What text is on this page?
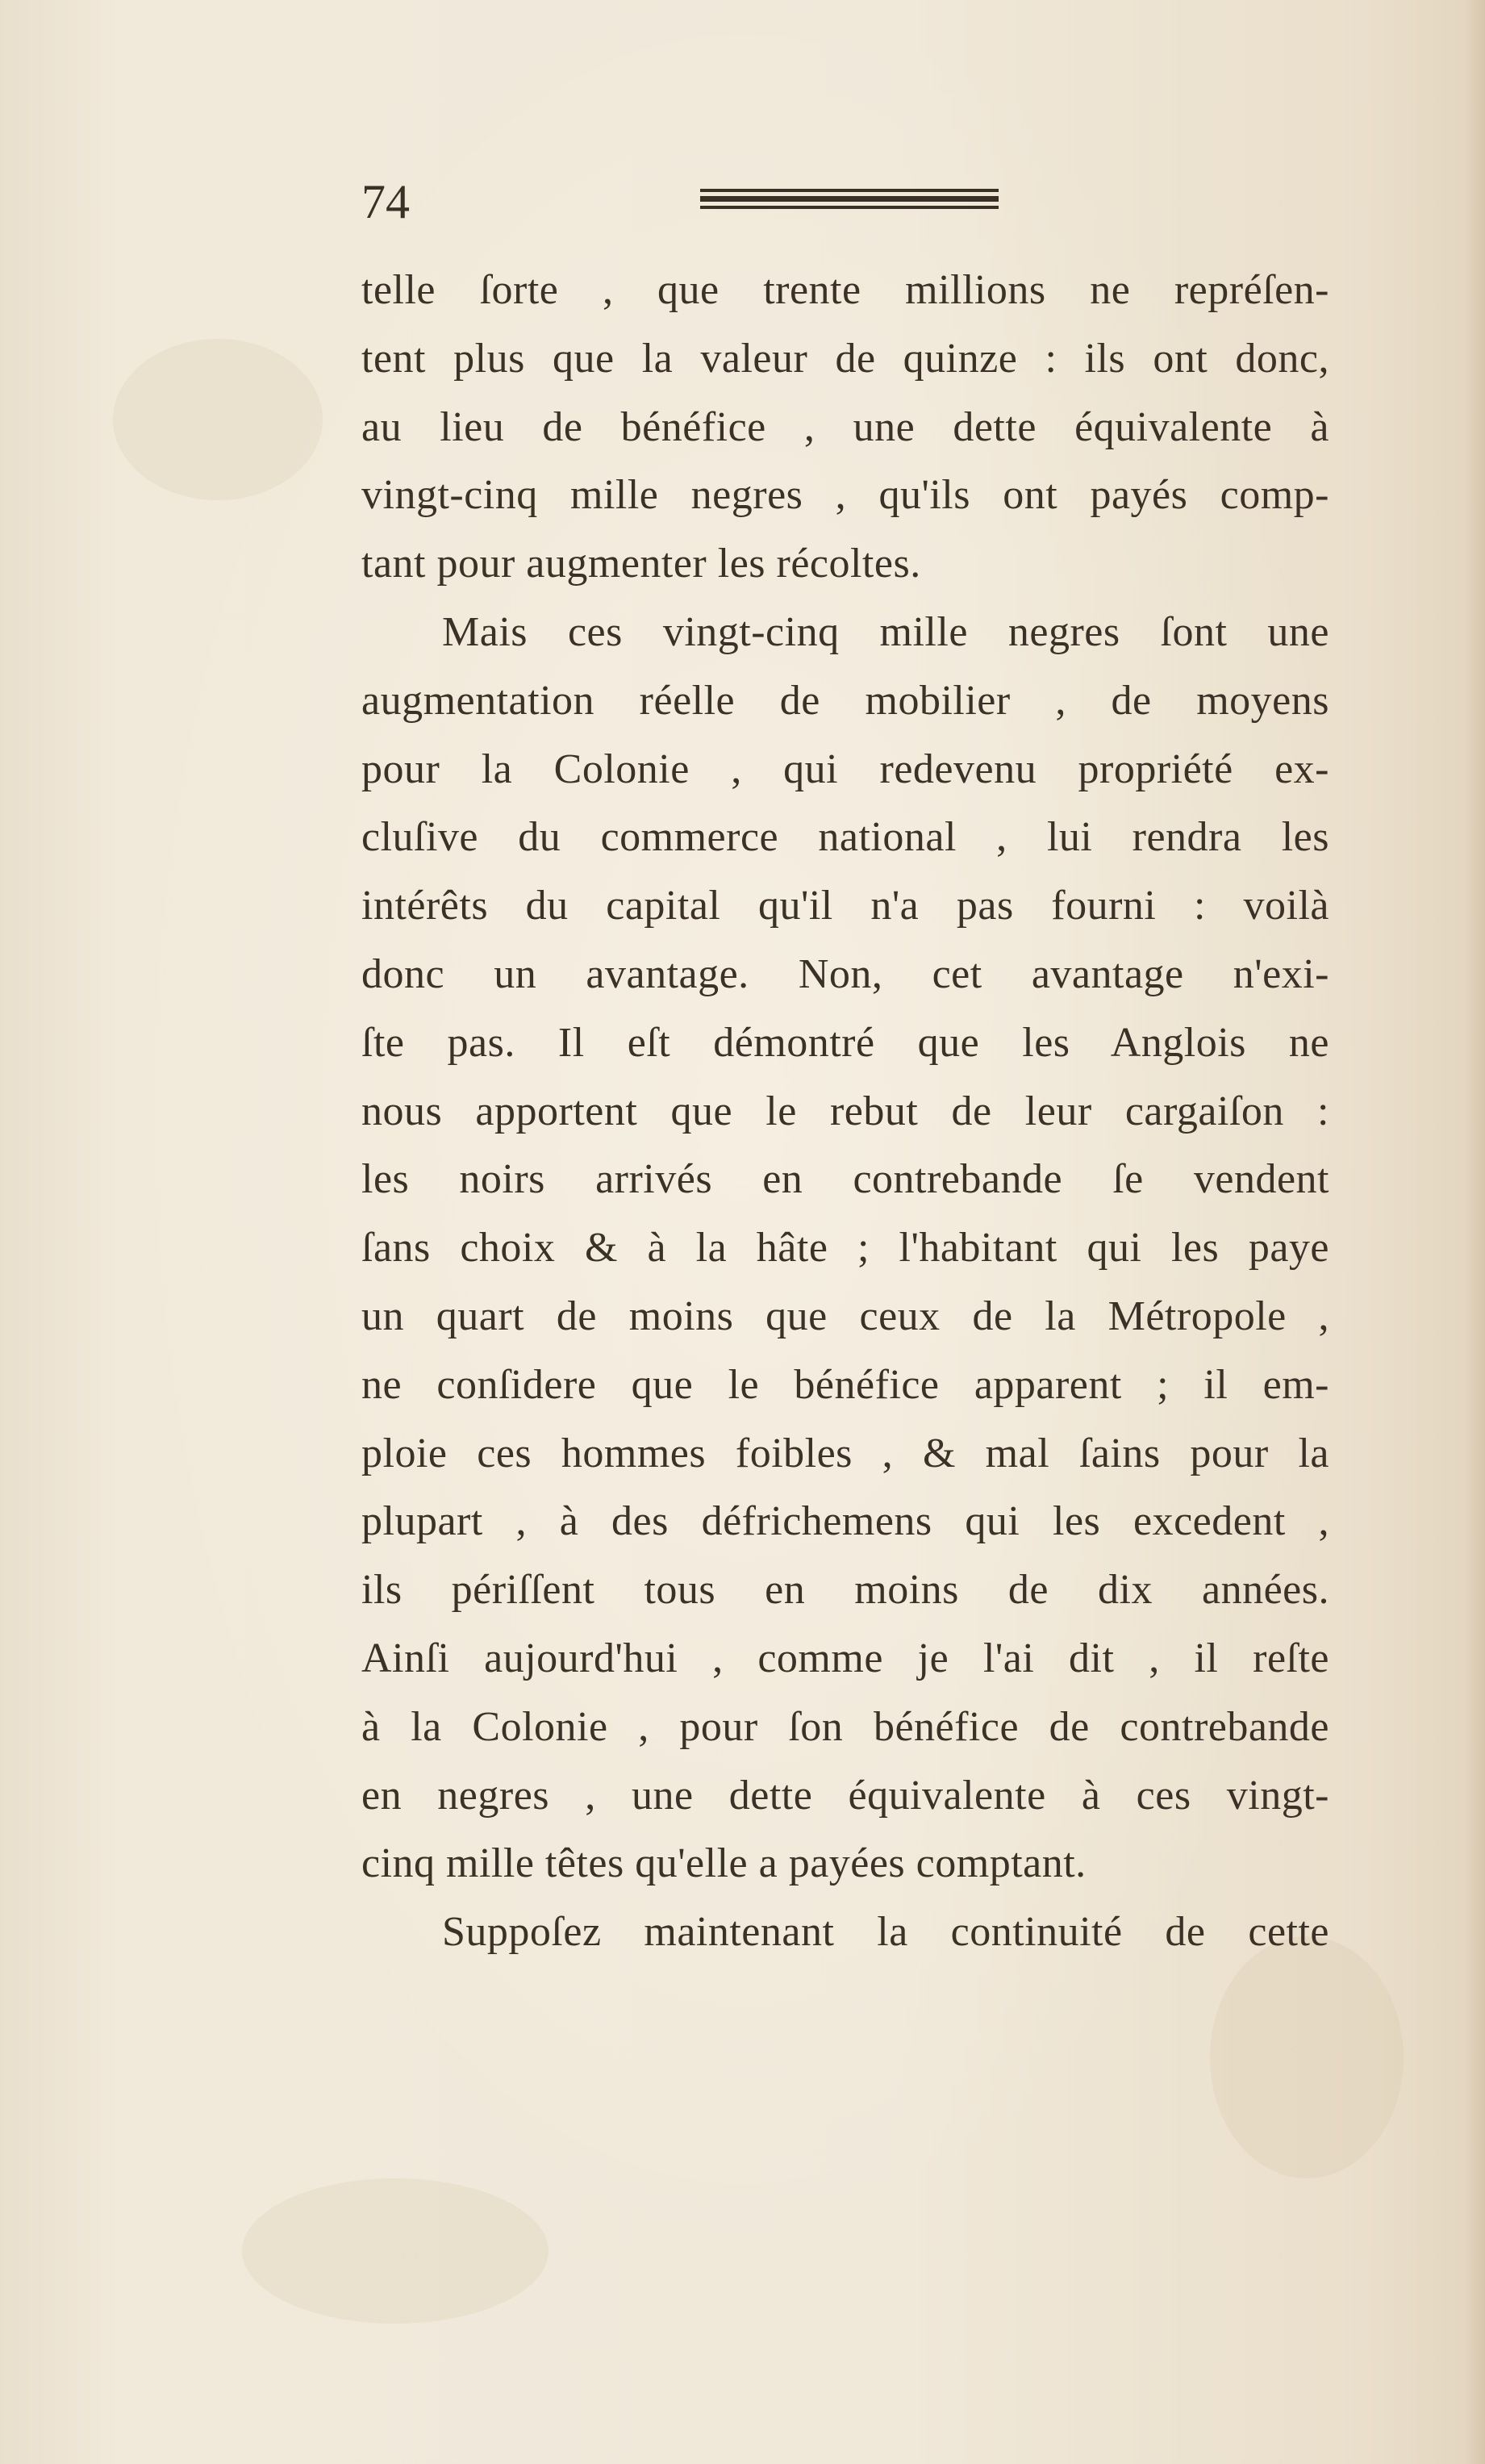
74
telle ſorte , que trente millions ne repréſen-
tent plus que la valeur de quinze : ils ont donc,
au lieu de bénéfice , une dette équivalente à
vingt-cinq mille negres , qu'ils ont payés comp-
tant pour augmenter les récoltes.
Mais ces vingt-cinq mille negres ſont une
augmentation réelle de mobilier , de moyens
pour la Colonie , qui redevenu propriété ex-
cluſive du commerce national , lui rendra les
intérêts du capital qu'il n'a pas fourni : voilà
donc un avantage. Non, cet avantage n'exi-
ſte pas. Il eſt démontré que les Anglois ne
nous apportent que le rebut de leur cargaiſon :
les noirs arrivés en contrebande ſe vendent
ſans choix & à la hâte ; l'habitant qui les paye
un quart de moins que ceux de la Métropole ,
ne conſidere que le bénéfice apparent ; il em-
ploie ces hommes foibles , & mal ſains pour la
plupart , à des défrichemens qui les excedent ,
ils périſſent tous en moins de dix années.
Ainſi aujourd'hui , comme je l'ai dit , il reſte
à la Colonie , pour ſon bénéfice de contrebande
en negres , une dette équivalente à ces vingt-
cinq mille têtes qu'elle a payées comptant.
Suppoſez maintenant la continuité de cette
